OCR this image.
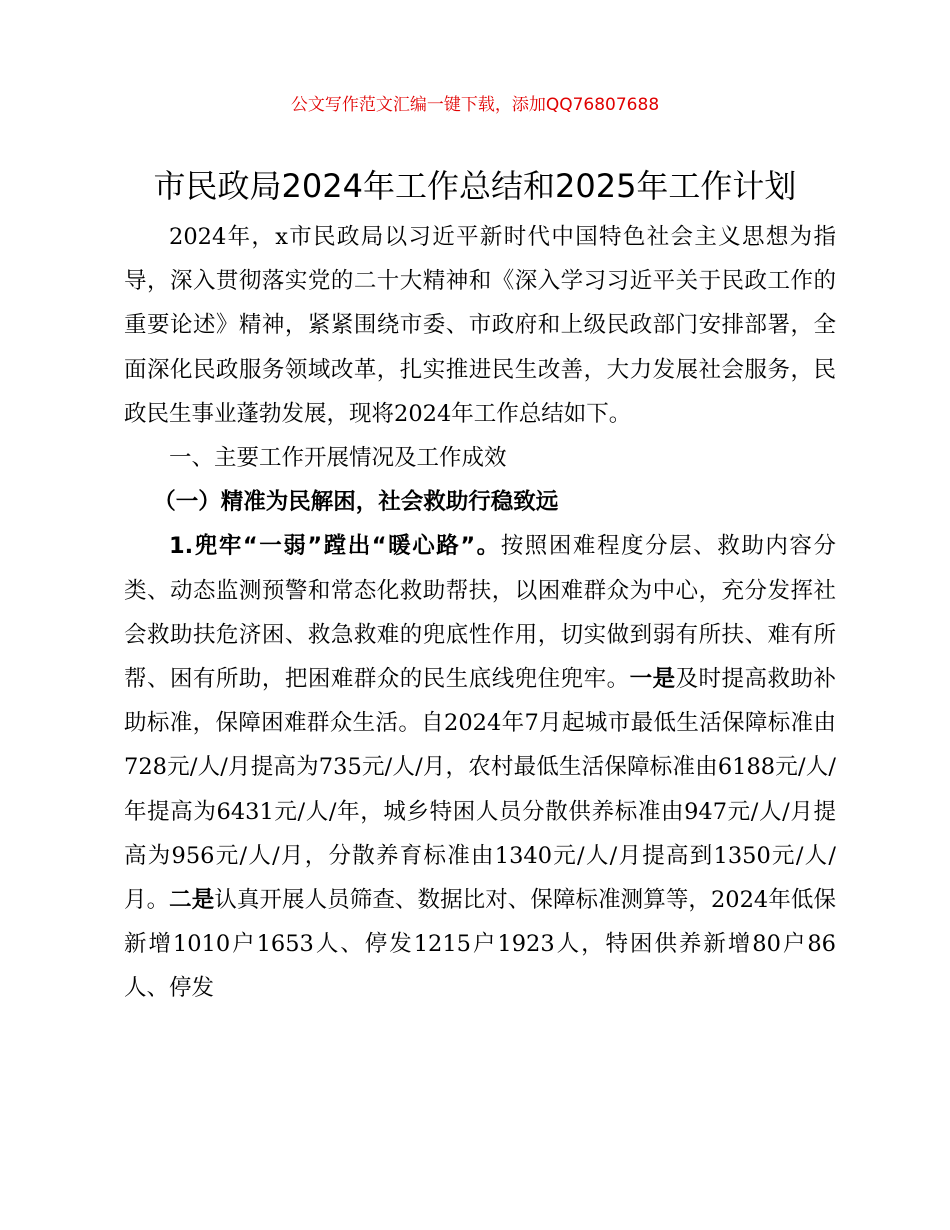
公文写作范文汇编一键下载，添加QQ76807688
市民政局2024年工作总结和2025年工作计划

2024年，x市民政局以习近平新时代中国特色社会主义思想为指导，深入贯彻落实党的二十大精神和《深入学习习近平关于民政工作的重要论述》精神，紧紧围绕市委、市政府和上级民政部门安排部署，全面深化民政服务领域改革，扎实推进民生改善，大力发展社会服务，民政民生事业蓬勃发展，现将2024年工作总结如下。

一、主要工作开展情况及工作成效

（一）精准为民解困，社会救助行稳致远

1.兜牢“一弱”蹚出“暖心路”。按照困难程度分层、救助内容分类、动态监测预警和常态化救助帮扶，以困难群众为中心，充分发挥社会救助扶危济困、救急救难的兜底性作用，切实做到弱有所扶、难有所帮、困有所助，把困难群众的民生底线兜住兜牢。一是及时提高救助补助标准，保障困难群众生活。自2024年7月起城市最低生活保障标准由728元/人/月提高为735元/人/月，农村最低生活保障标准由6188元/人/年提高为6431元/人/年，城乡特困人员分散供养标准由947元/人/月提高为956元/人/月，分散养育标准由1340元/人/月提高到1350元/人/月。二是认真开展人员筛查、数据比对、保障标准测算等，2024年低保新增1010户1653人、停发1215户1923人，特困供养新增80户86人、停发
